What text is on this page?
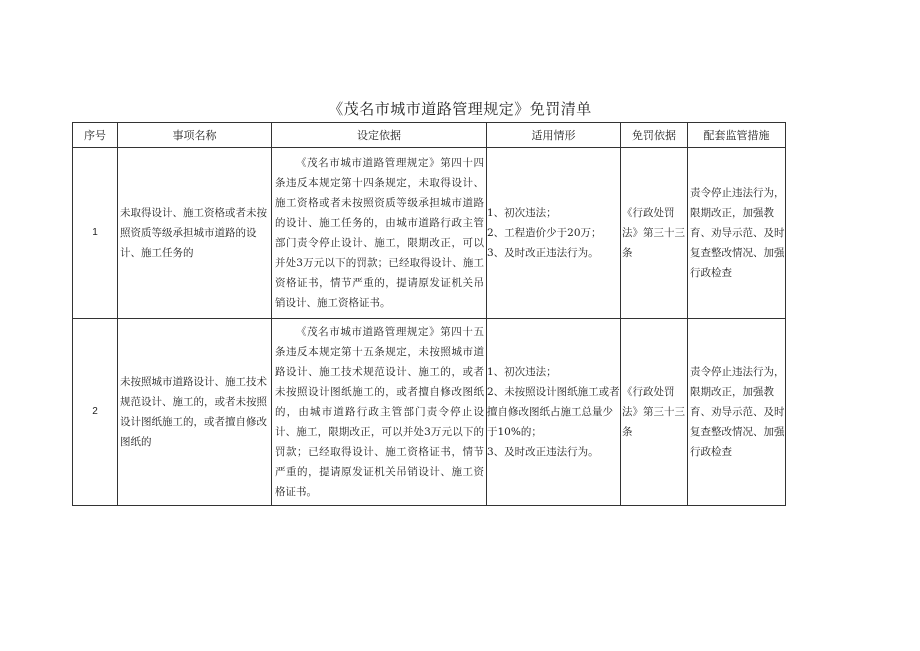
《茂名市城市道路管理规定》免罚清单
序号	事项名称	设定依据	适用情形	免罚依据	配套监管措施
1	未取得设计、施工资格或者未按照资质等级承担城市道路的设计、施工任务的	《茂名市城市道路管理规定》第四十四条违反本规定第十四条规定，未取得设计、施工资格或者未按照资质等级承担城市道路的设计、施工任务的，由城市道路行政主管部门责令停止设计、施工，限期改正，可以并处3万元以下的罚款；已经取得设计、施工资格证书，情节严重的，提请原发证机关吊销设计、施工资格证书。	1、初次违法；
2、工程造价少于20万；
3、及时改正违法行为。	《行政处罚法》第三十三条	责令停止违法行为，限期改正，加强教育、劝导示范、及时复查整改情况、加强行政检查
2	未按照城市道路设计、施工技术规范设计、施工的，或者未按照设计图纸施工的，或者擅自修改图纸的	《茂名市城市道路管理规定》第四十五条违反本规定第十五条规定，未按照城市道路设计、施工技术规范设计、施工的，或者未按照设计图纸施工的，或者擅自修改图纸的，由城市道路行政主管部门责令停止设计、施工，限期改正，可以并处3万元以下的罚款；已经取得设计、施工资格证书，情节严重的，提请原发证机关吊销设计、施工资格证书。	1、初次违法；
2、未按照设计图纸施工或者擅自修改图纸占施工总量少于10%的；
3、及时改正违法行为。	《行政处罚法》第三十三条	责令停止违法行为，限期改正，加强教育、劝导示范、及时复查整改情况、加强行政检查
